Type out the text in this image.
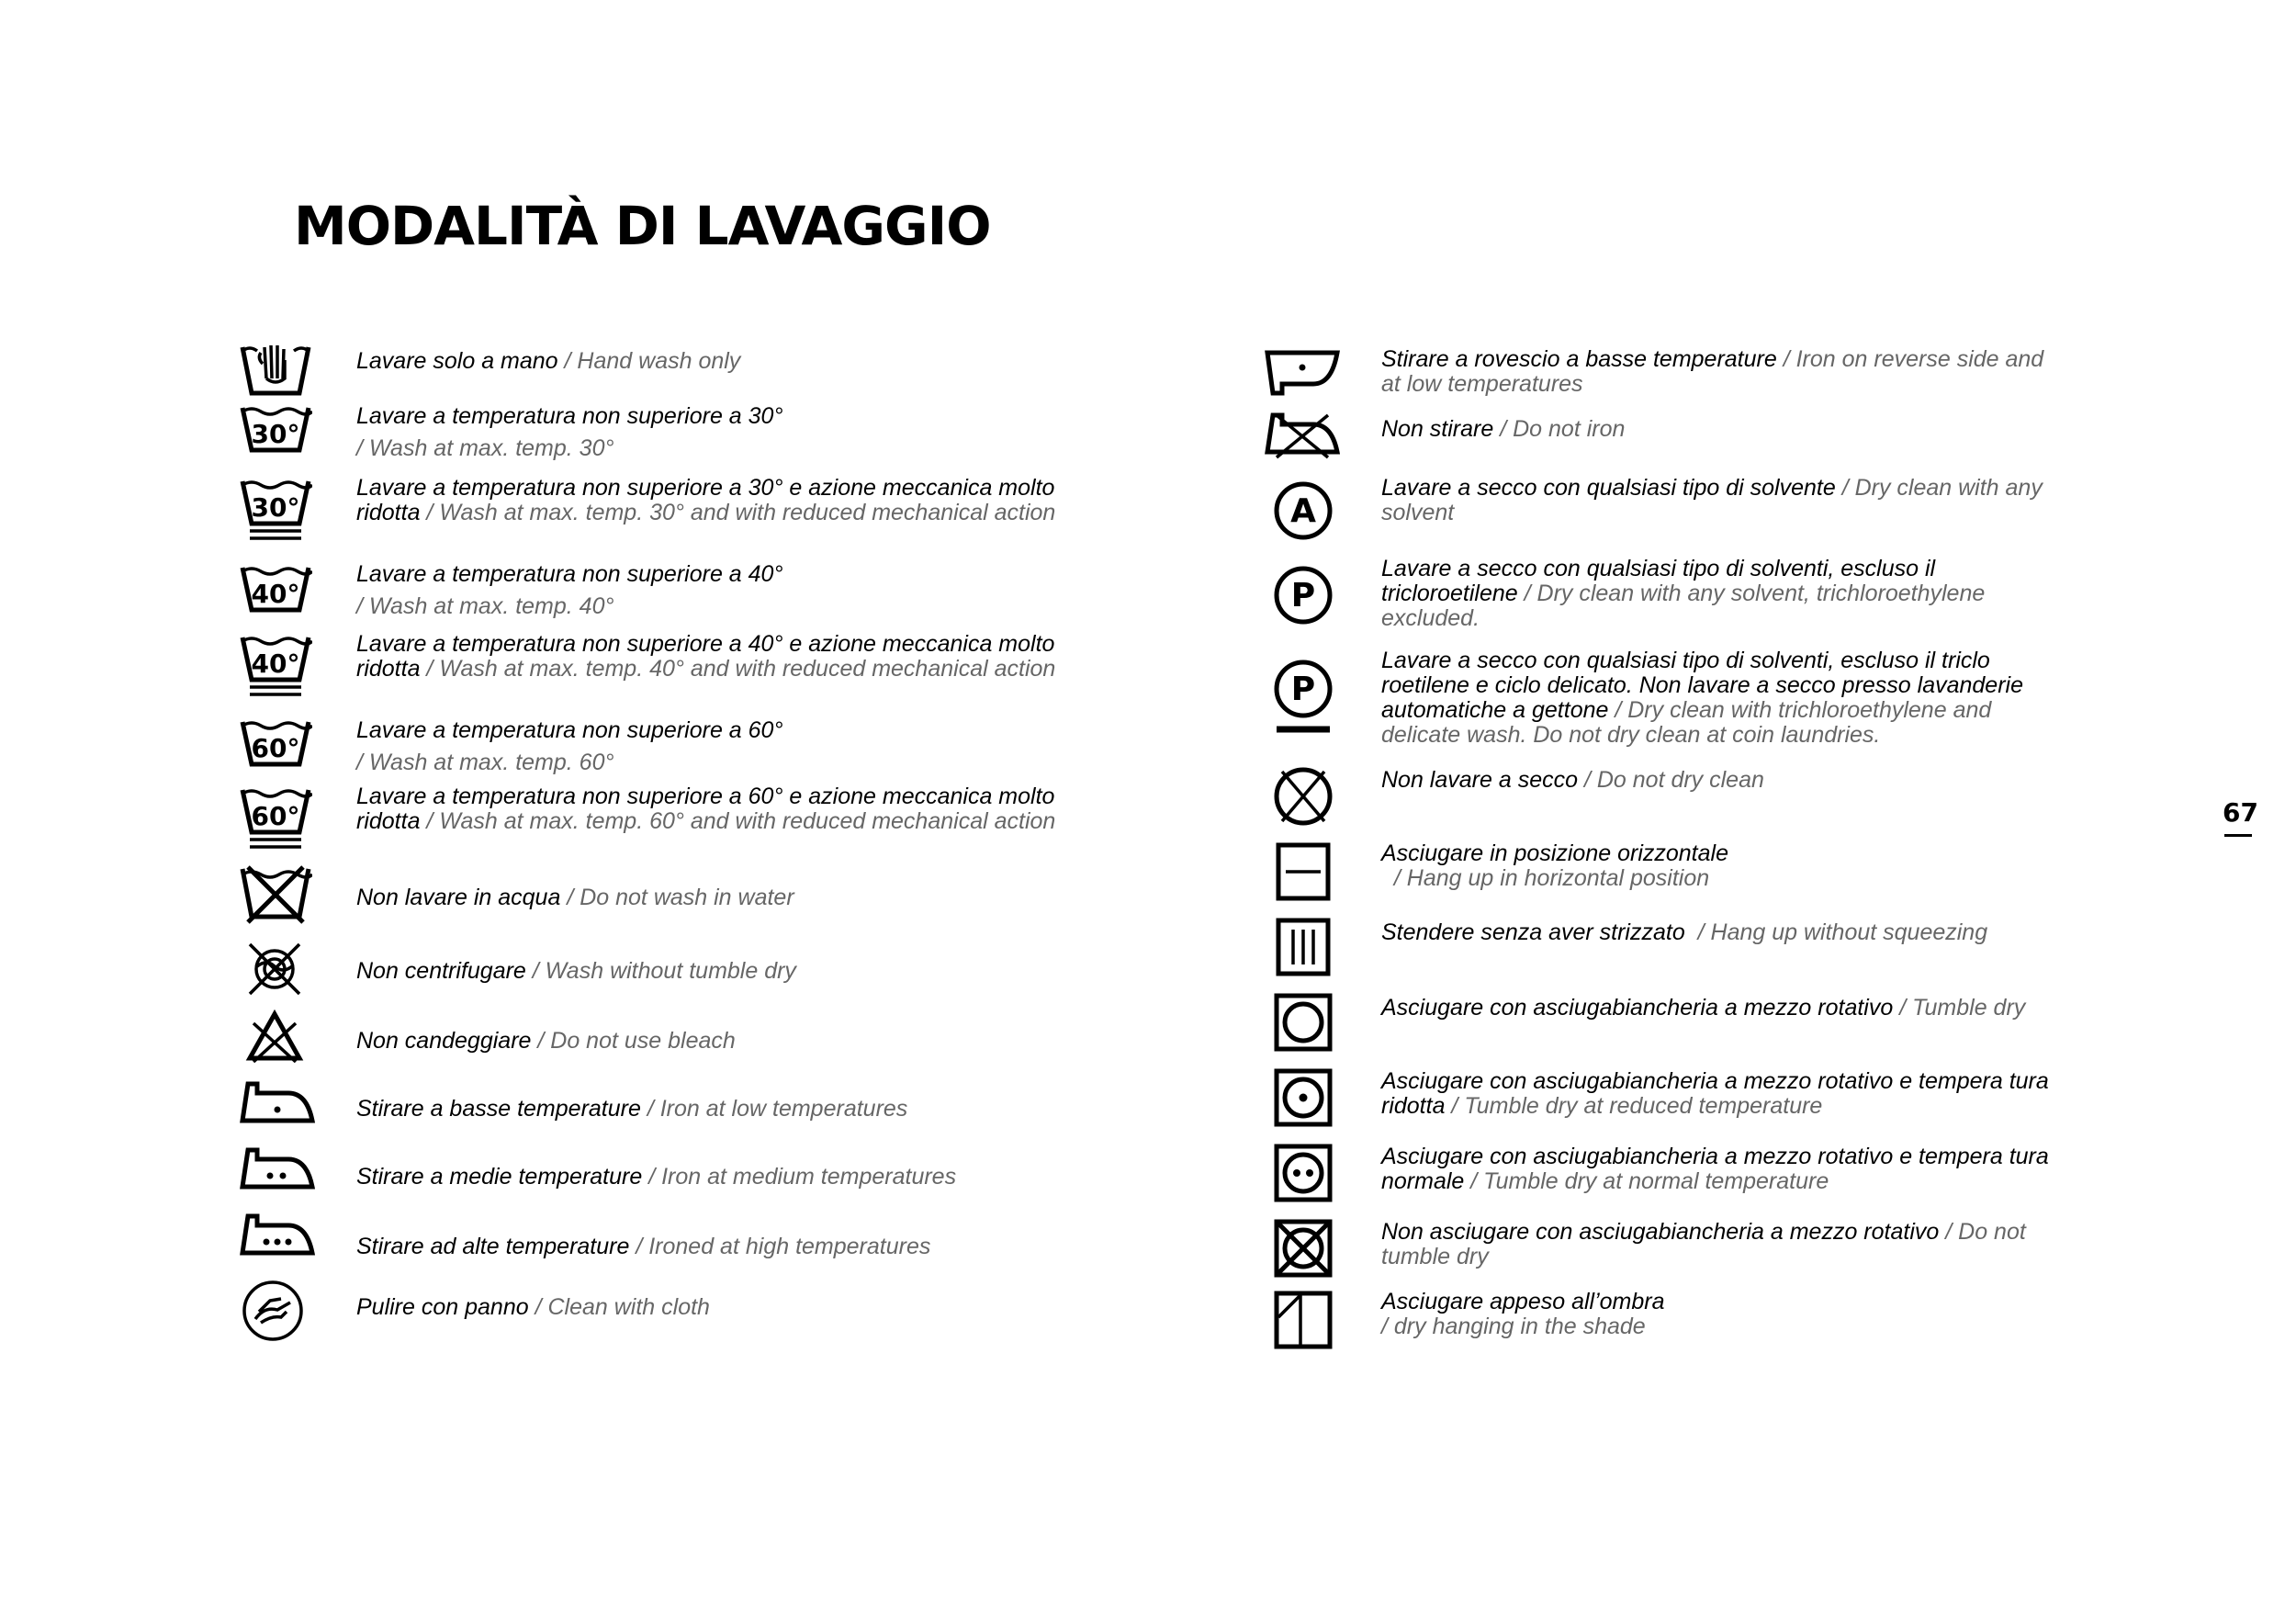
MODALITÀ DI LAVAGGIO
67
Lavare solo a mano / Hand wash only
30°
Lavare a temperatura non superiore a 30°
/ Wash at max. temp. 30°
30°
Lavare a temperatura non superiore a 30° e azione meccanica molto ridotta / Wash at max. temp. 30° and with reduced mechanical action
40°
Lavare a temperatura non superiore a 40°
/ Wash at max. temp. 40°
40°
Lavare a temperatura non superiore a 40° e azione meccanica molto ridotta / Wash at max. temp. 40° and with reduced mechanical action
60°
Lavare a temperatura non superiore a 60°
/ Wash at max. temp. 60°
60°
Lavare a temperatura non superiore a 60° e azione meccanica molto ridotta / Wash at max. temp. 60° and with reduced mechanical action
Non lavare in acqua / Do not wash in water
Non centrifugare / Wash without tumble dry
Non candeggiare / Do not use bleach
Stirare a basse temperature / Iron at low temperatures
Stirare a medie temperature / Iron at medium temperatures
Stirare ad alte temperature / Ironed at high temperatures
Pulire con panno / Clean with cloth
Stirare a rovescio a basse temperature / Iron on reverse side and at low temperatures
Non stirare / Do not iron
A
Lavare a secco con qualsiasi tipo di solvente / Dry clean with any solvent
P
Lavare a secco con qualsiasi tipo di solventi, escluso il tricloroetilene / Dry clean with any solvent, trichloroethylene excluded.
P
Lavare a secco con qualsiasi tipo di solventi, escluso il triclo roetilene e ciclo delicato. Non lavare a secco presso lavanderie automatiche a gettone / Dry clean with trichloroethylene and delicate wash. Do not dry clean at coin laundries.
Non lavare a secco / Do not dry clean
Asciugare in posizione orizzontale
/ Hang up in horizontal position
Stendere senza aver strizzato  / Hang up without squeezing
Asciugare con asciugabiancheria a mezzo rotativo / Tumble dry
Asciugare con asciugabiancheria a mezzo rotativo e tempera tura ridotta / Tumble dry at reduced temperature
Asciugare con asciugabiancheria a mezzo rotativo e tempera tura normale / Tumble dry at normal temperature
Non asciugare con asciugabiancheria a mezzo rotativo / Do not tumble dry
Asciugare appeso all’ombra
/ dry hanging in the shade
